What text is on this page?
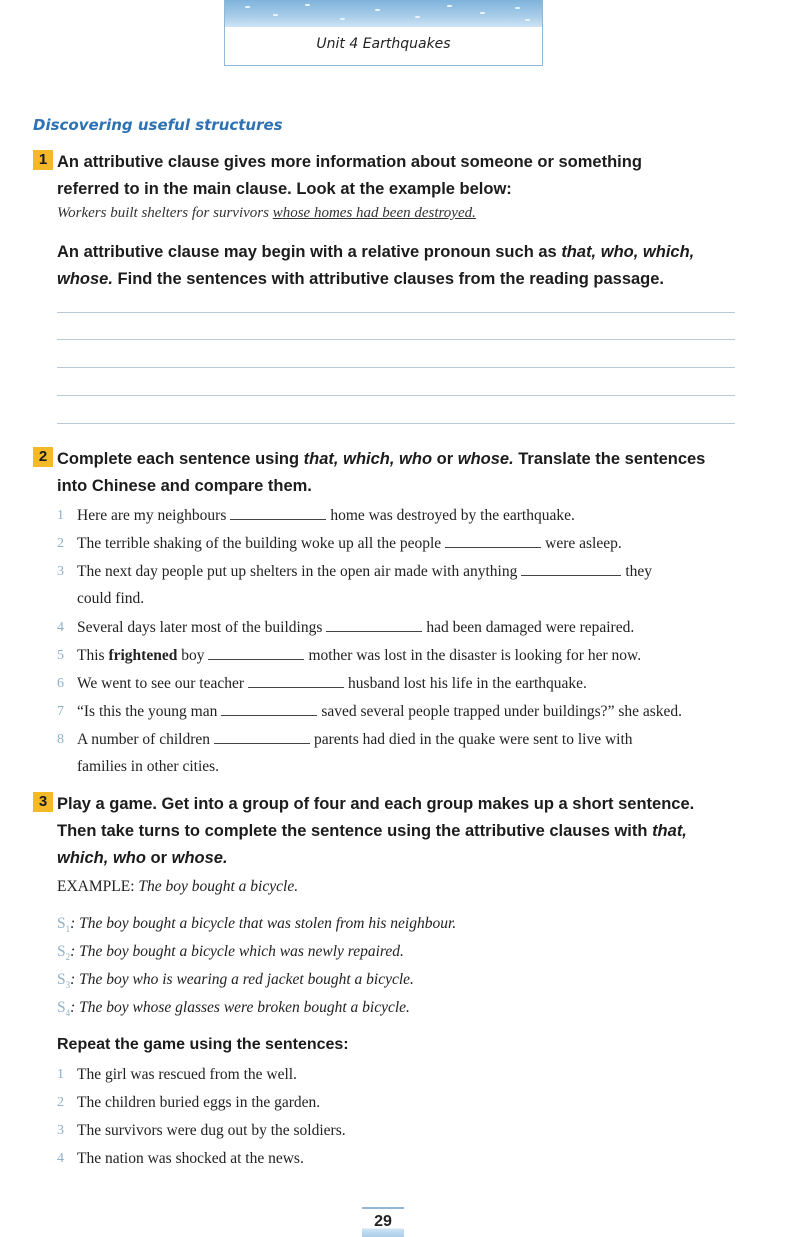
Unit 4 Earthquakes
Discovering useful structures
1 An attributive clause gives more information about someone or something
referred to in the main clause. Look at the example below:
Workers built shelters for survivors whose homes had been destroyed.
An attributive clause may begin with a relative pronoun such as that, who, which, whose. Find the sentences with attributive clauses from the reading passage.
2 Complete each sentence using that, which, who or whose. Translate the sentences
into Chinese and compare them.
1 Here are my neighbours	home was destroyed by the earthquake.
2 The terrible shaking of the building woke up all the people	were asleep.
3 The next day people put up shelters in the open air made with anything	they
could find.
4 Several days later most of the buildings	had been damaged were repaired.
5 This frightened boy	mother was lost in the disaster is looking for her now.
6 We went to see our teacher	husband lost his life in the earthquake.
7 “Is this the young man	saved several people trapped under buildings?” she asked.
8 A number of children	parents had died in the quake were sent to live with
families in other cities.
3 Play a game. Get into a group of four and each group makes up a short sentence.
Then take turns to complete the sentence using the attributive clauses with that,
which, who or whose.
EXAMPLE: The boy bought a bicycle.
$S_1$: The boy bought a bicycle that was stolen from his neighbour.
$S_2$: The boy bought a bicycle which was newly repaired.
$S_3$: The boy who is wearing a red jacket bought a bicycle.
$S_4$: The boy whose glasses were broken bought a bicycle.
Repeat the game using the sentences:
1 The girl was rescued from the well.
2 The children buried eggs in the garden.
3 The survivors were dug out by the soldiers.
4 The nation was shocked at the news.
29
